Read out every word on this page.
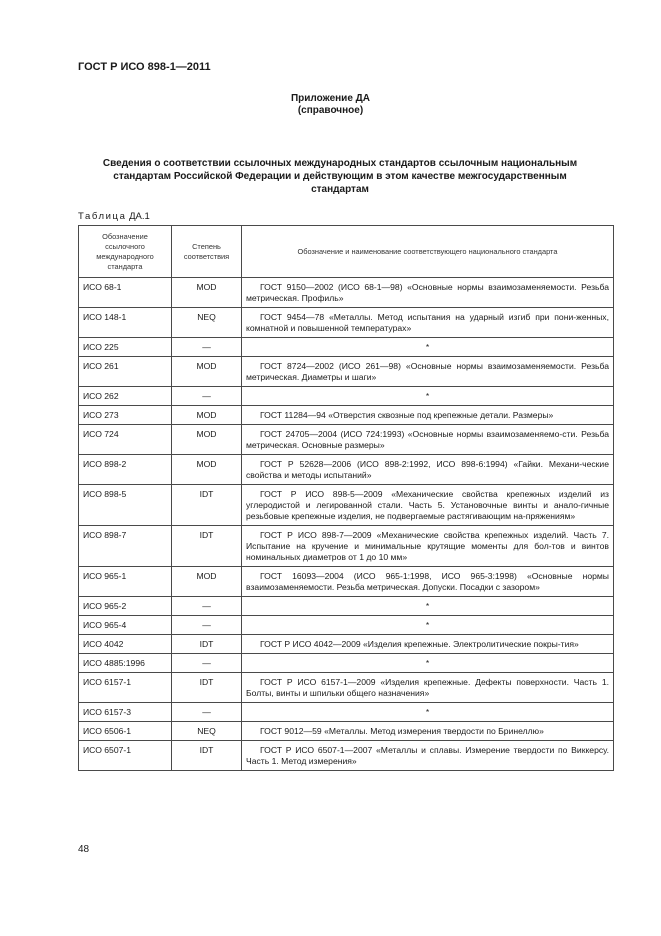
ГОСТ Р ИСО 898-1—2011
Приложение ДА
(справочное)
Сведения о соответствии ссылочных международных стандартов ссылочным национальным
стандартам Российской Федерации и действующим в этом качестве межгосударственным
стандартам
Таблица ДА.1
Обозначение ссылочного международного стандарта	Степень соответствия	Обозначение и наименование соответствующего национального стандарта
ИСО 68-1	MOD	ГОСТ 9150—2002 (ИСО 68-1—98) «Основные нормы взаимозаменяемости. Резьба метрическая. Профиль»
ИСО 148-1	NEQ	ГОСТ 9454—78 «Металлы. Метод испытания на ударный изгиб при пони-женных, комнатной и повышенной температурах»
ИСО 225	—	*
ИСО 261	MOD	ГОСТ 8724—2002 (ИСО 261—98) «Основные нормы взаимозаменяемости. Резьба метрическая. Диаметры и шаги»
ИСО 262	—	*
ИСО 273	MOD	ГОСТ 11284—94 «Отверстия сквозные под крепежные детали. Размеры»
ИСО 724	MOD	ГОСТ 24705—2004 (ИСО 724:1993) «Основные нормы взаимозаменяемо-сти. Резьба метрическая. Основные размеры»
ИСО 898-2	MOD	ГОСТ Р 52628—2006 (ИСО 898-2:1992, ИСО 898-6:1994) «Гайки. Механи-ческие свойства и методы испытаний»
ИСО 898-5	IDT	ГОСТ Р ИСО 898-5—2009 «Механические свойства крепежных изделий из углеродистой и легированной стали. Часть 5. Установочные винты и анало-гичные резьбовые крепежные изделия, не подвергаемые растягивающим на-пряжениям»
ИСО 898-7	IDT	ГОСТ Р ИСО 898-7—2009 «Механические свойства крепежных изделий. Часть 7. Испытание на кручение и минимальные крутящие моменты для бол-тов и винтов номинальных диаметров от 1 до 10 мм»
ИСО 965-1	MOD	ГОСТ 16093—2004 (ИСО 965-1:1998, ИСО 965-3:1998) «Основные нормы взаимозаменяемости. Резьба метрическая. Допуски. Посадки с зазором»
ИСО 965-2	—	*
ИСО 965-4	—	*
ИСО 4042	IDT	ГОСТ Р ИСО 4042—2009 «Изделия крепежные. Электролитические покры-тия»
ИСО 4885:1996	—	*
ИСО 6157-1	IDT	ГОСТ Р ИСО 6157-1—2009 «Изделия крепежные. Дефекты поверхности. Часть 1. Болты, винты и шпильки общего назначения»
ИСО 6157-3	—	*
ИСО 6506-1	NEQ	ГОСТ 9012—59 «Металлы. Метод измерения твердости по Бринеллю»
ИСО 6507-1	IDT	ГОСТ Р ИСО 6507-1—2007 «Металлы и сплавы. Измерение твердости по Виккерсу. Часть 1. Метод измерения»
48
